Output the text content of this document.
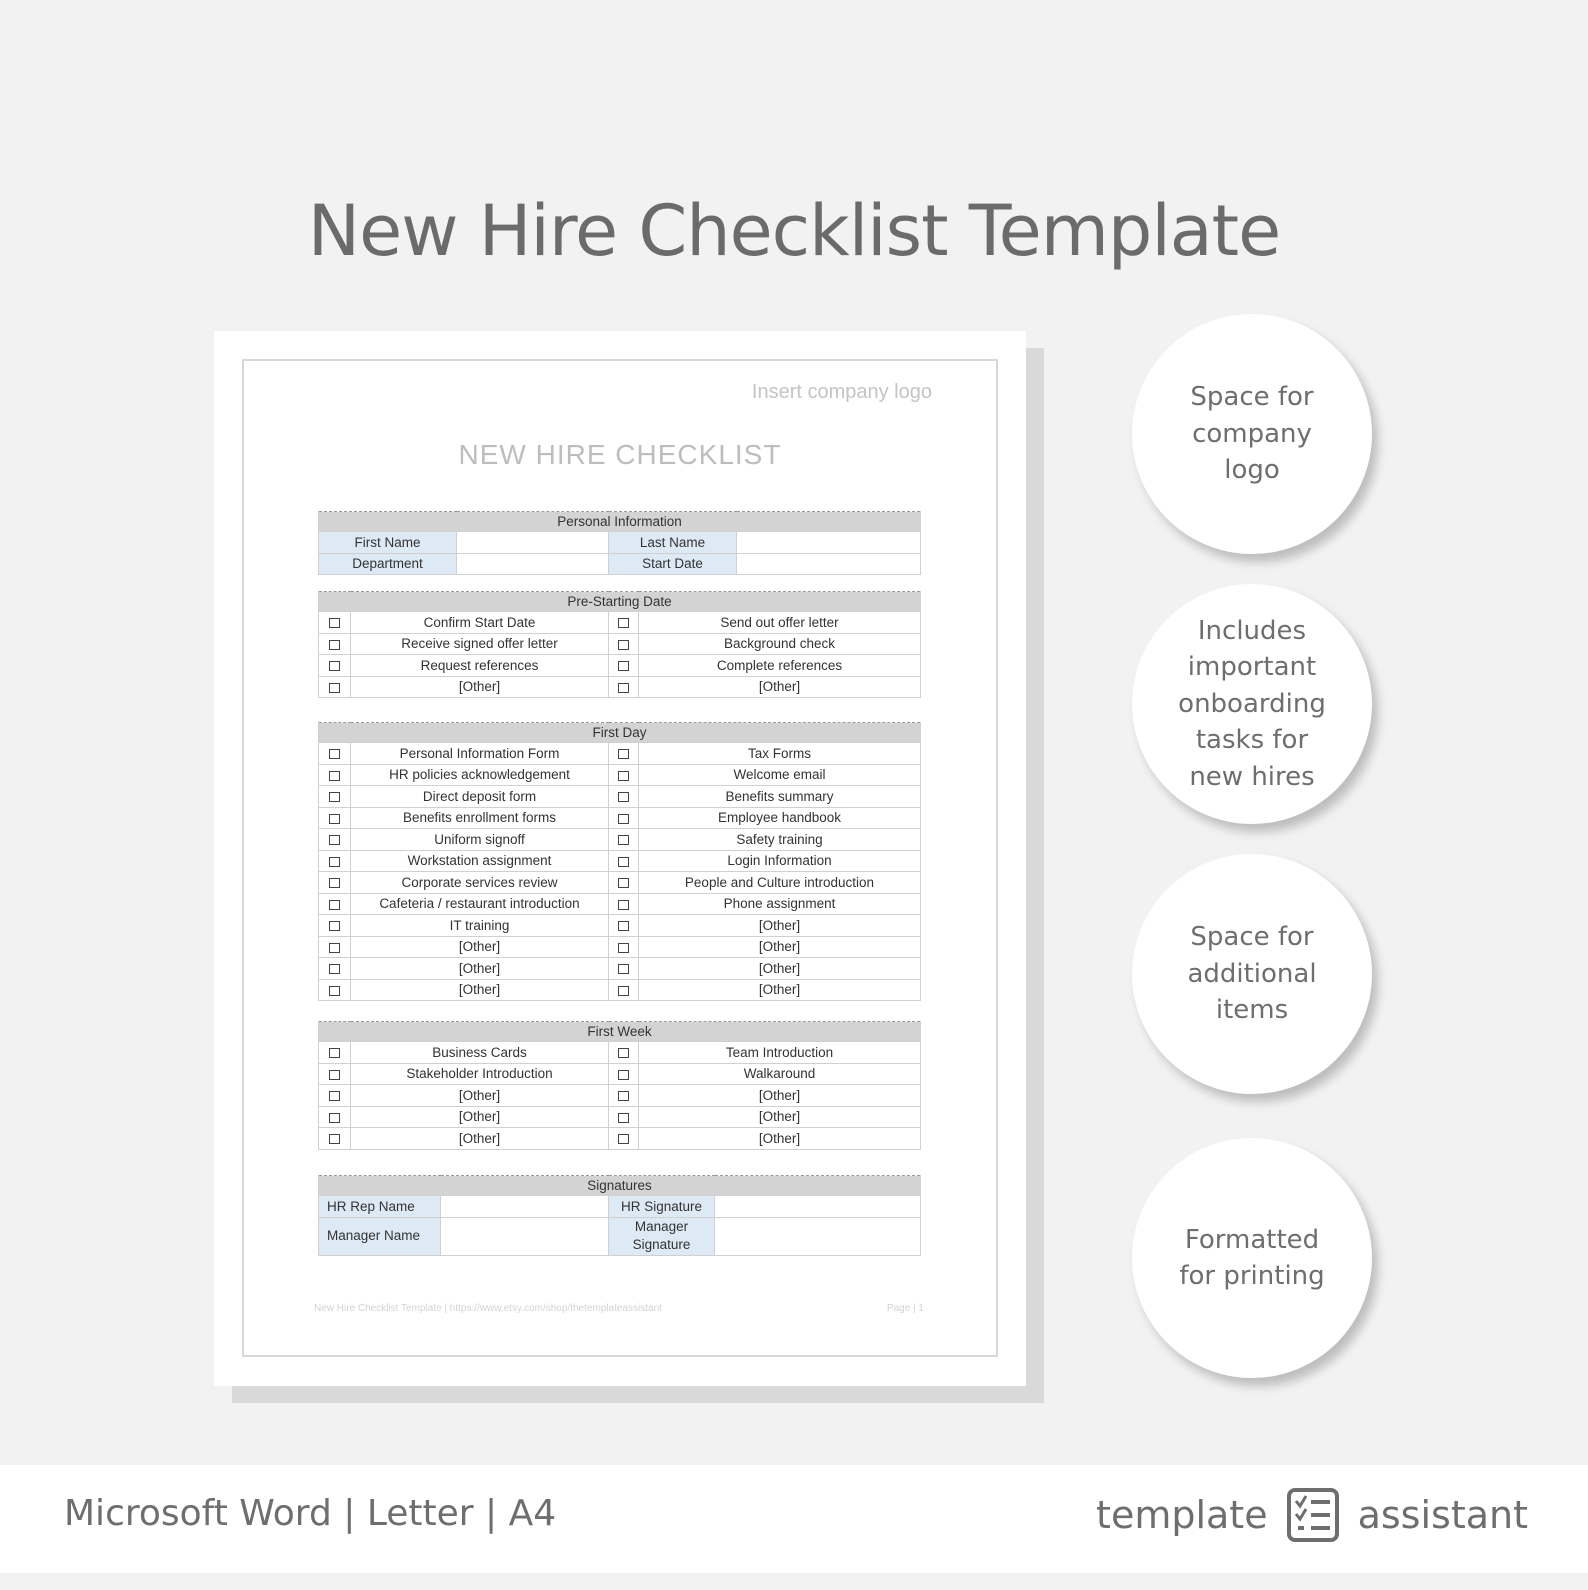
New Hire Checklist Template
Insert company logo
NEW HIRE CHECKLIST
Personal Information			
First Name		Last Name	
Department		Start Date	
Pre-Starting Date			
	Confirm Start Date		Send out offer letter
	Receive signed offer letter		Background check
	Request references		Complete references
	[Other]		[Other]
First Day			
	Personal Information Form		Tax Forms
	HR policies acknowledgement		Welcome email
	Direct deposit form		Benefits summary
	Benefits enrollment forms		Employee handbook
	Uniform signoff		Safety training
	Workstation assignment		Login Information
	Corporate services review		People and Culture introduction
	Cafeteria / restaurant introduction		Phone assignment
	IT training		[Other]
	[Other]		[Other]
	[Other]		[Other]
	[Other]		[Other]
First Week			
	Business Cards		Team Introduction
	Stakeholder Introduction		Walkaround
	[Other]		[Other]
	[Other]		[Other]
	[Other]		[Other]
Signatures			
HR Rep Name		HR Signature	
Manager Name		Manager Signature	
New Hire Checklist Template | https://www.etsy.com/shop/thetemplateassistant	Page | 1
Space for company logo
Includes important onboarding tasks for new hires
Space for additional items
Formatted for printing
Microsoft Word | Letter | A4	template assistant
